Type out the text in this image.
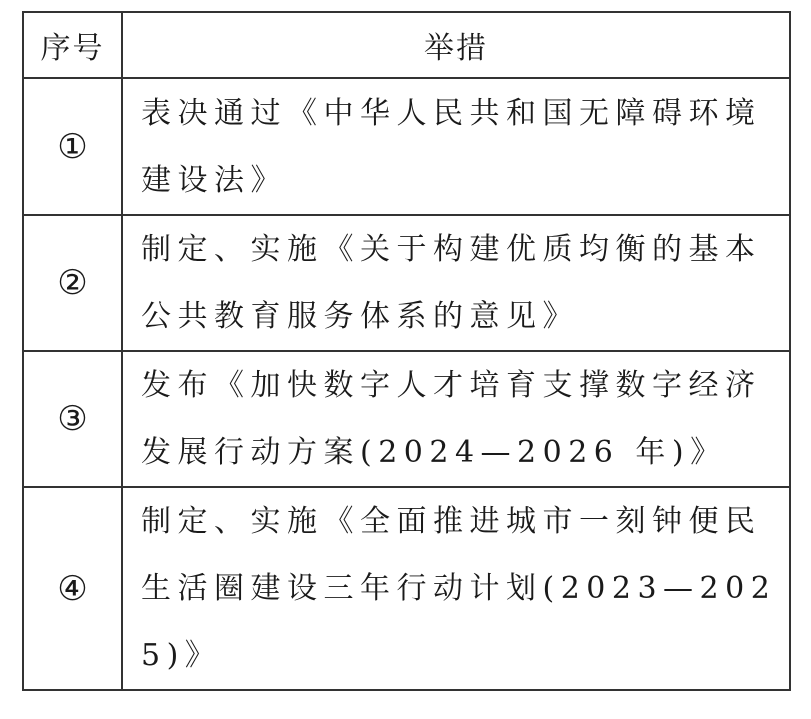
序号	举措
①	表决通过《中华人民共和国无障碍环境建设法》
②	制定、实施《关于构建优质均衡的基本公共教育服务体系的意见》
③	发布《加快数字人才培育支撑数字经济发展行动方案(2024—2026 年)》
④	制定、实施《全面推进城市一刻钟便民生活圈建设三年行动计划(2023—2025)》
